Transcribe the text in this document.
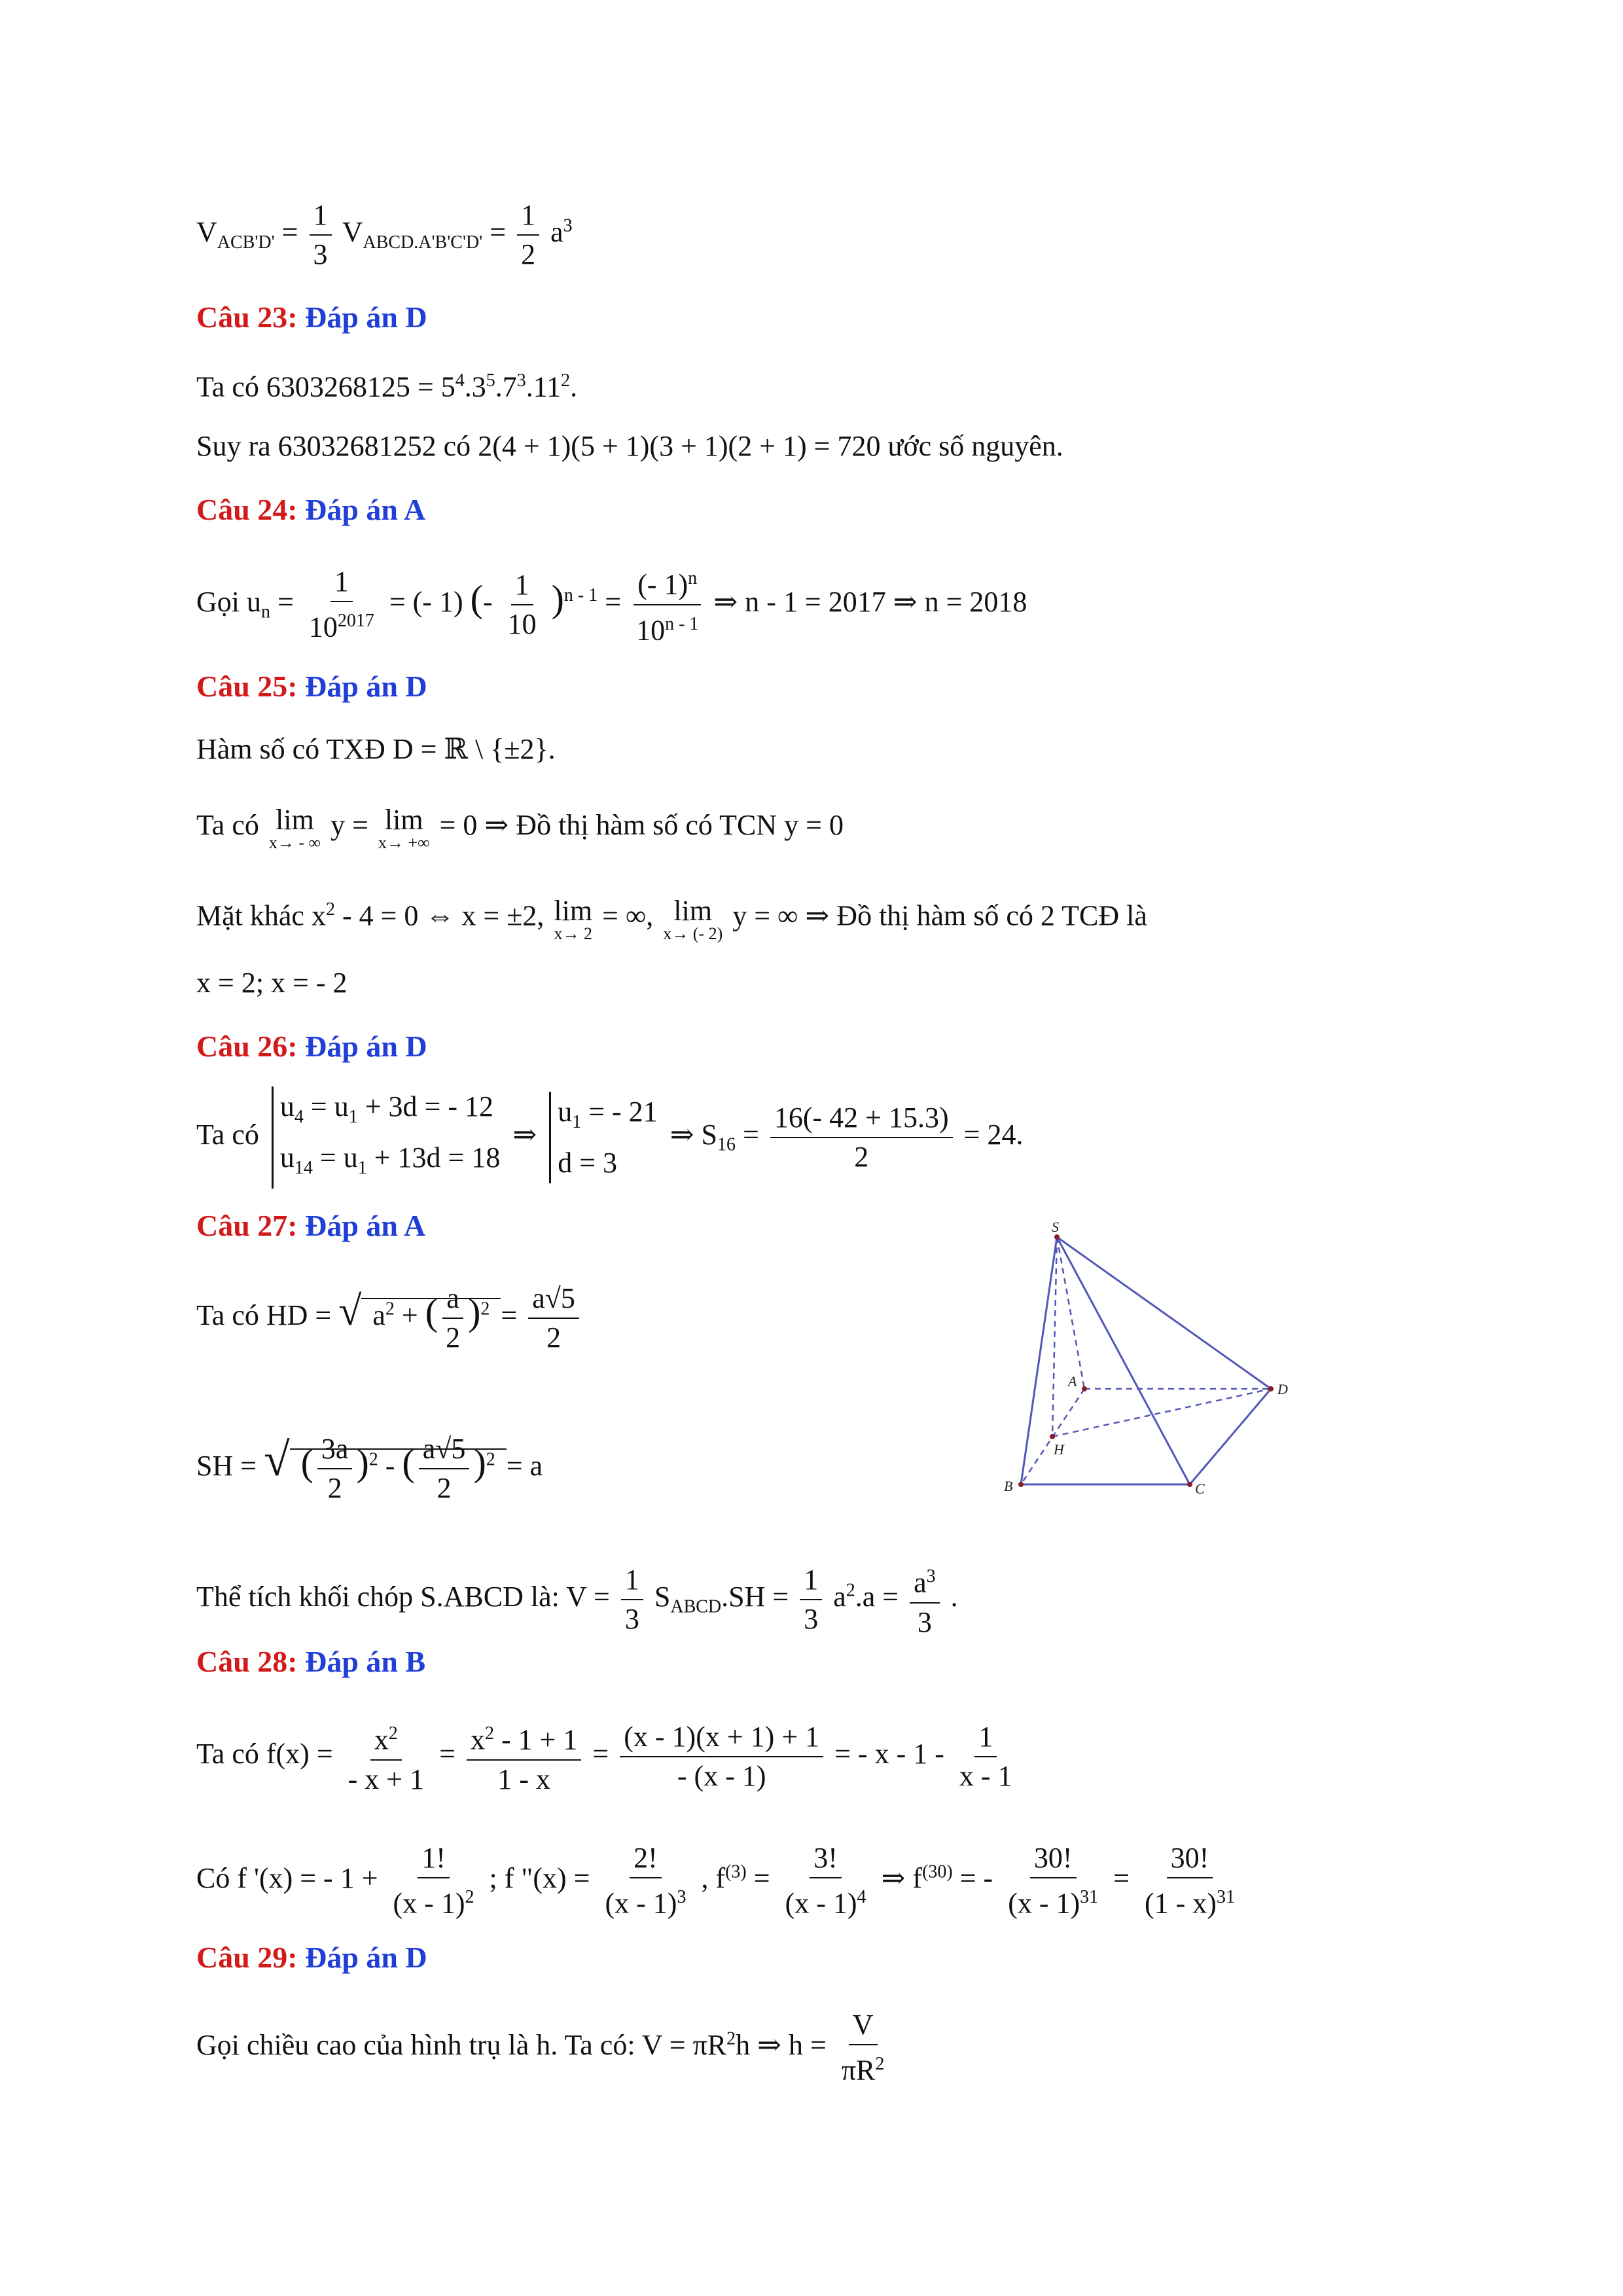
$V_{ACB'D'} = \frac{1}{3} V_{ABCD.A'B'C'D'} = \frac{1}{2} a^3$
Câu 23: Đáp án D
Ta có $6303268125 = 5^4.3^5.7^3.11^2$.
Suy ra 63032681252 có 2(4 + 1)(5 + 1)(3 + 1)(2 + 1) = 720 ước số nguyên.
Câu 24: Đáp án A
Gọi $u_n = \frac{1}{10^{2017}}$ = (- 1) (- $\frac{1}{10} )^{n - 1} = \frac{(- 1)^n}{10^{n - 1}}$ ⇒ n - 1 = 2017 ⇒ n = 2018
Câu 25: Đáp án D
Hàm số có TXĐ D = ℝ \ {±2}.
Ta có lim
x→ - ∞
y = lim
x→ +∞
= 0 ⇒ Đồ thị hàm số có TCN y = 0
Mặt khác $x^2 - 4 = 0$ ⇔ x = ±2, lim
x→ 2
= ∞, lim
x→ (- 2)
y = ∞ ⇒ Đồ thị hàm số có 2 TCĐ là
x = 2; x = - 2
Câu 26: Đáp án D
Ta có
$u_4 = u_1 + 3d$ = - 12
$u_{14} = u_1 + 13d = 18$
⇒
$u_1$ = - 21
d = 3
⇒ $S_{16} = \frac{16(- 42 + 15.3)}{2} = 24$.
Câu 27: Đáp án A
Ta có HD = √ $a^2$ + ( $\frac{a}{2} )^2 = \frac{a√5}{2}$
SH = √ ( $\frac{3a}{2} )^2$ - ( $\frac{a√5}{2} )^2 = a$
Thể tích khối chóp S.ABCD là: $V = \frac{1}{3} S_{ABCD}.SH = \frac{1}{3} a^2.a = \frac{a^3}{3}$ .
S
A
B	C
D
H
Câu 28: Đáp án B
Ta có $f(x) = \frac{x^2}{- x + 1} = \frac{x^2 - 1 + 1}{1 - x} = \frac{(x - 1)(x + 1) + 1}{- (x - 1)}$ = - x - $1 - \frac{1}{x - 1}$
Có f '(x) = - $1 + \frac{1!}{(x - 1)^2}$ ; f "$(x) = \frac{2!}{(x - 1)^3}$ , $f^{(3)} = \frac{3!}{(x - 1)^4}$ ⇒ $f^{(30)}$ = - $\frac{30!}{(x - 1)^{31}} = \frac{30!}{(1 - x)^{31}}$
Câu 29: Đáp án D
Gọi chiều cao của hình trụ là h. Ta có: $V = \pi R^2h$ ⇒ $h = \frac{V}{\pi R^2}$
